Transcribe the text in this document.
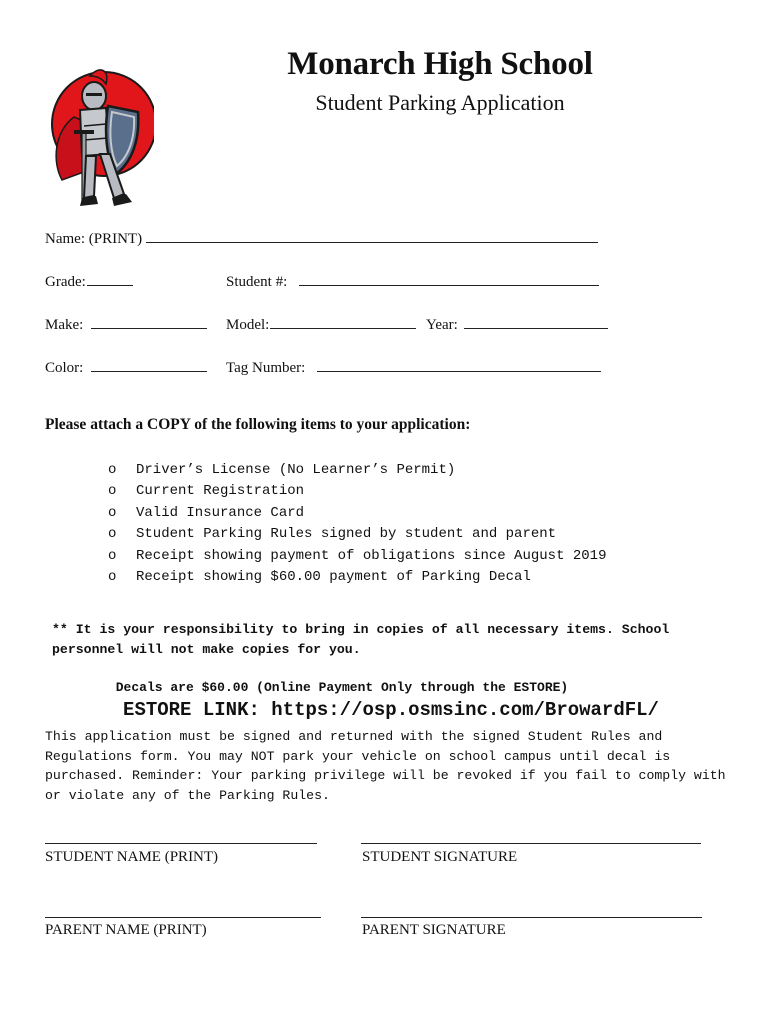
Monarch High School
Student Parking Application
Name: (PRINT)
Grade:	Student #:
Make:	Model:	Year:
Color:	Tag Number:
Please attach a COPY of the following items to your application:
o Driver’s License (No Learner’s Permit)
o Current Registration
o Valid Insurance Card
o Student Parking Rules signed by student and parent
o Receipt showing payment of obligations since August 2019
o Receipt showing $60.00 payment of Parking Decal
** It is your responsibility to bring in copies of all necessary items. School personnel will not make copies for you.
Decals are $60.00 (Online Payment Only through the ESTORE)
ESTORE LINK: https://osp.osmsinc.com/BrowardFL/
This application must be signed and returned with the signed Student Rules and Regulations form. You may NOT park your vehicle on school campus until decal is purchased. Reminder: Your parking privilege will be revoked if you fail to comply with or violate any of the Parking Rules.
STUDENT NAME (PRINT)	STUDENT SIGNATURE
PARENT NAME (PRINT)	PARENT SIGNATURE
